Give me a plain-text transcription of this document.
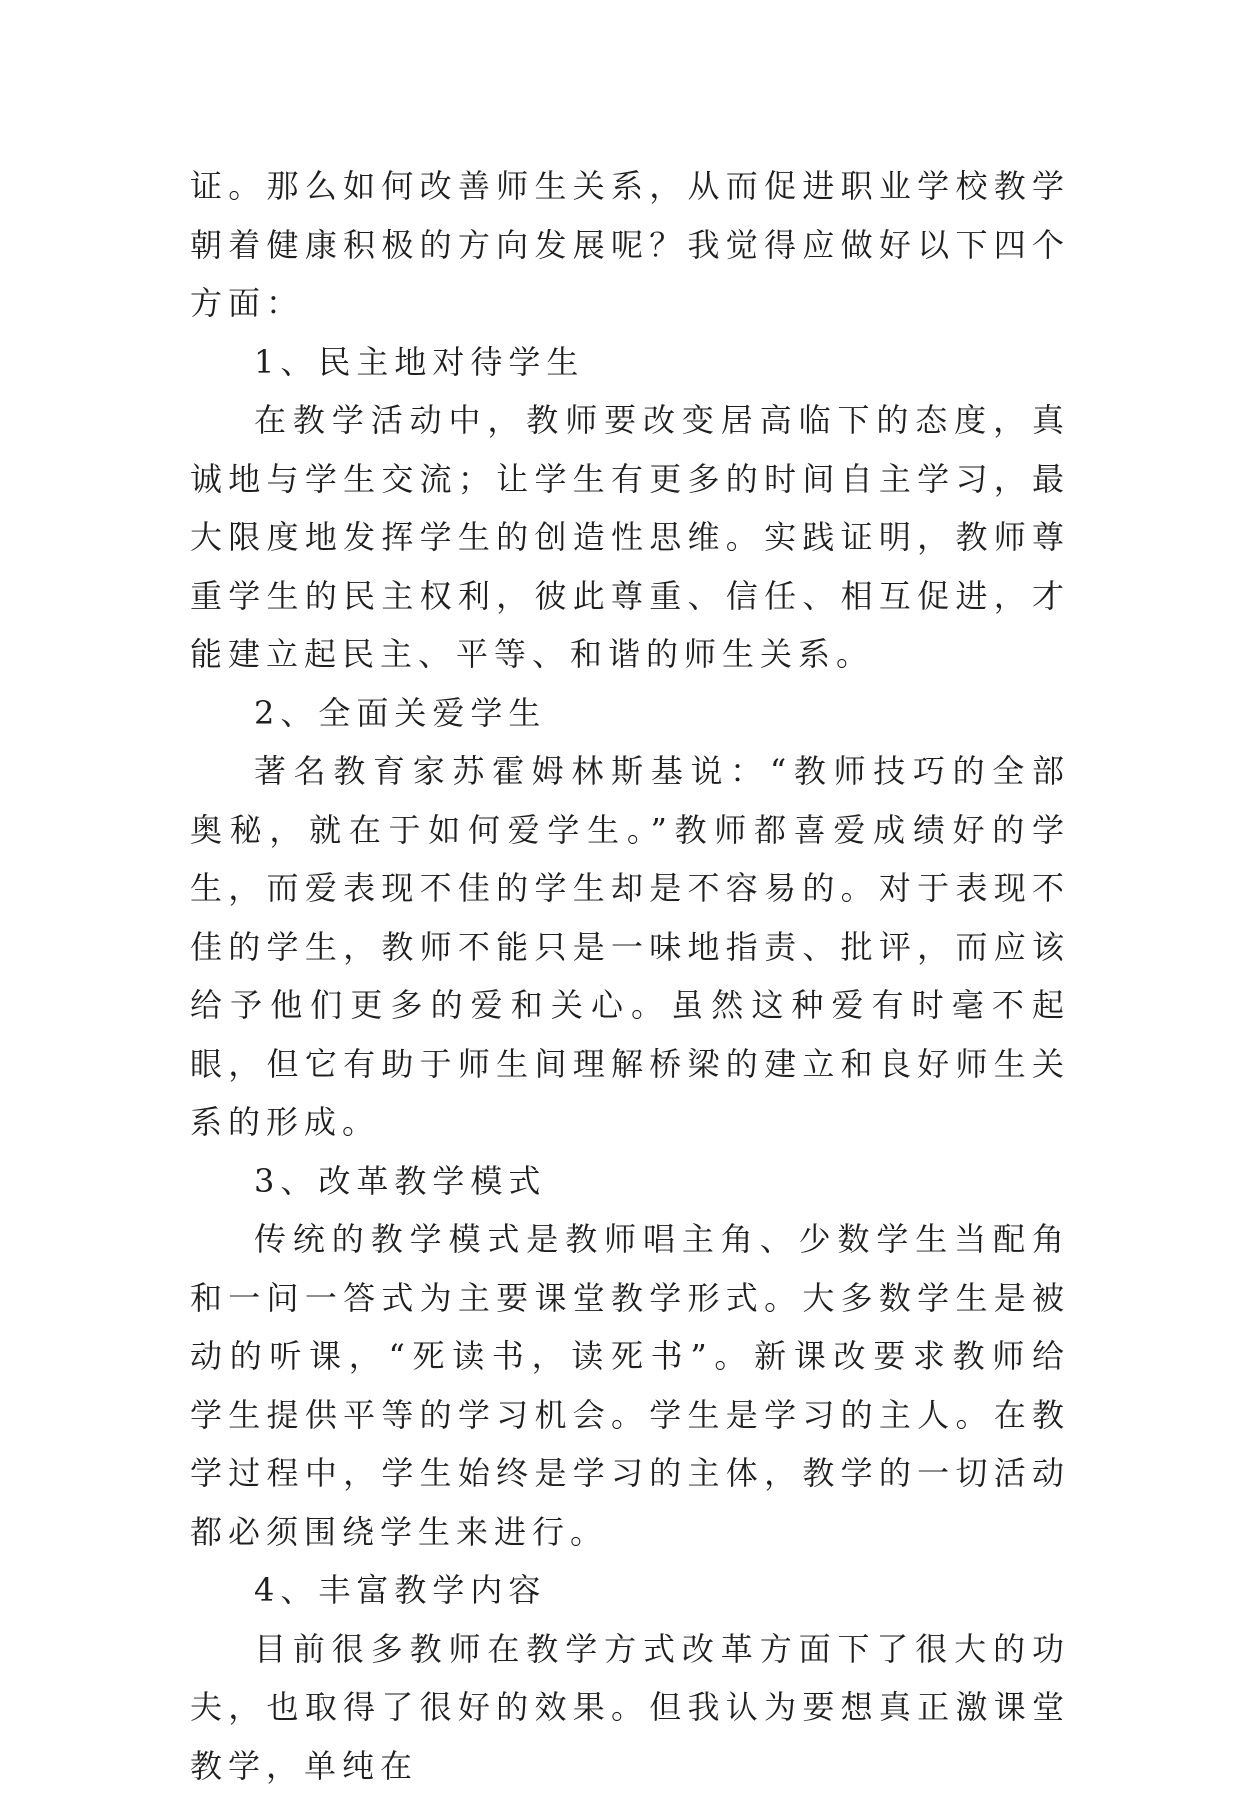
证。那么如何改善师生关系，从而促进职业学校教学朝着健康积极的方向发展呢？我觉得应做好以下四个方面：

1、民主地对待学生

在教学活动中，教师要改变居高临下的态度，真诚地与学生交流；让学生有更多的时间自主学习，最大限度地发挥学生的创造性思维。实践证明，教师尊重学生的民主权利，彼此尊重、信任、相互促进，才能建立起民主、平等、和谐的师生关系。

2、全面关爱学生

著名教育家苏霍姆林斯基说：“教师技巧的全部奥秘，就在于如何爱学生。”教师都喜爱成绩好的学生，而爱表现不佳的学生却是不容易的。对于表现不佳的学生，教师不能只是一味地指责、批评，而应该给予他们更多的爱和关心。虽然这种爱有时毫不起眼，但它有助于师生间理解桥梁的建立和良好师生关系的形成。

3、改革教学模式

传统的教学模式是教师唱主角、少数学生当配角和一问一答式为主要课堂教学形式。大多数学生是被动的听课，“死读书，读死书”。新课改要求教师给学生提供平等的学习机会。学生是学习的主人。在教学过程中，学生始终是学习的主体，教学的一切活动都必须围绕学生来进行。

4、丰富教学内容

目前很多教师在教学方式改革方面下了很大的功夫，也取得了很好的效果。但我认为要想真正激课堂教学，单纯在
